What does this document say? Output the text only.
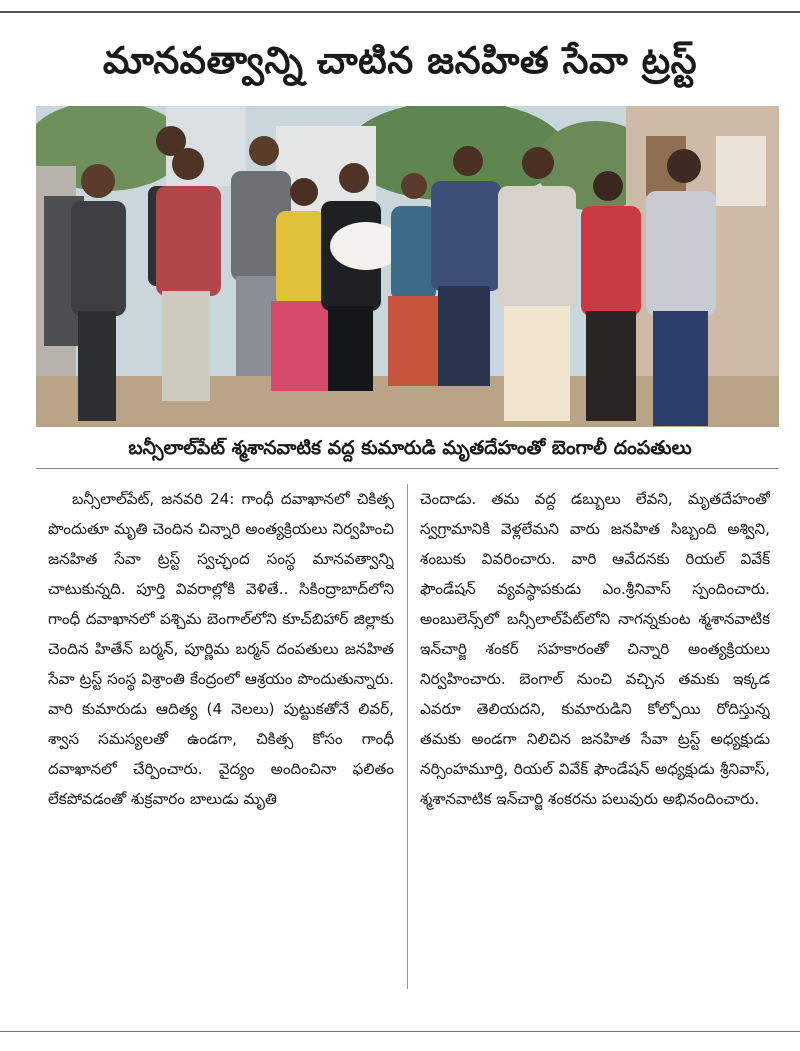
మానవత్వాన్ని చాటిన జనహిత సేవా ట్రస్ట్
బన్సీలాల్‌పేట్ శ్మశానవాటిక వద్ద కుమారుడి మృతదేహంతో బెంగాలీ దంపతులు

బన్సీలాల్‌పేట్, జనవరి 24: గాంధీ దవాఖానలో చికిత్స పొందుతూ మృతి చెందిన చిన్నారి అంత్యక్రియలు నిర్వహించి జనహిత సేవా ట్రస్ట్ స్వచ్ఛంద సంస్థ మానవత్వాన్ని చాటుకున్నది. పూర్తి వివరాల్లోకి వెళితే.. సికింద్రాబాద్‌లోని గాంధీ దవాఖానలో పశ్చిమ బెంగాల్‌లోని కూచ్‌బిహార్ జిల్లాకు చెందిన హితేన్ బర్మన్, పూర్ణిమ బర్మన్ దంపతులు జనహిత సేవా ట్రస్ట్ సంస్థ విశ్రాంతి కేంద్రంలో ఆశ్రయం పొందుతున్నారు. వారి కుమారుడు ఆదిత్య (4 నెలలు) పుట్టుకతోనే లివర్, శ్వాస సమస్యలతో ఉండగా, చికిత్స కోసం గాంధీ దవాఖానలో చేర్పించారు. వైద్యం అందించినా ఫలితం లేకపోవడంతో శుక్రవారం బాలుడు మృతి

చెందాడు. తమ వద్ద డబ్బులు లేవని, మృతదేహంతో స్వగ్రామానికి వెళ్లలేమని వారు జనహిత సిబ్బంది అశ్విని, శంబుకు వివరించారు. వారి ఆవేదనకు రియల్ వివేక్ ఫౌండేషన్ వ్యవస్థాపకుడు ఎం.శ్రీనివాస్ స్పందించారు. అంబులెన్స్‌లో బన్సీలాల్‌పేట్‌లోని నాగన్నకుంట శ్మశానవాటిక ఇన్‌చార్జి శంకర్ సహకారంతో చిన్నారి అంత్యక్రియలు నిర్వహించారు. బెంగాల్ నుంచి వచ్చిన తమకు ఇక్కడ ఎవరూ తెలియదని, కుమారుడిని కోల్పోయి రోదిస్తున్న తమకు అండగా నిలిచిన జనహిత సేవా ట్రస్ట్ అధ్యక్షుడు నర్సింహమూర్తి, రియల్ వివేక్ ఫౌండేషన్ అధ్యక్షుడు శ్రీనివాస్, శ్మశానవాటిక ఇన్‌చార్జి శంకరను పలువురు అభినందించారు.
